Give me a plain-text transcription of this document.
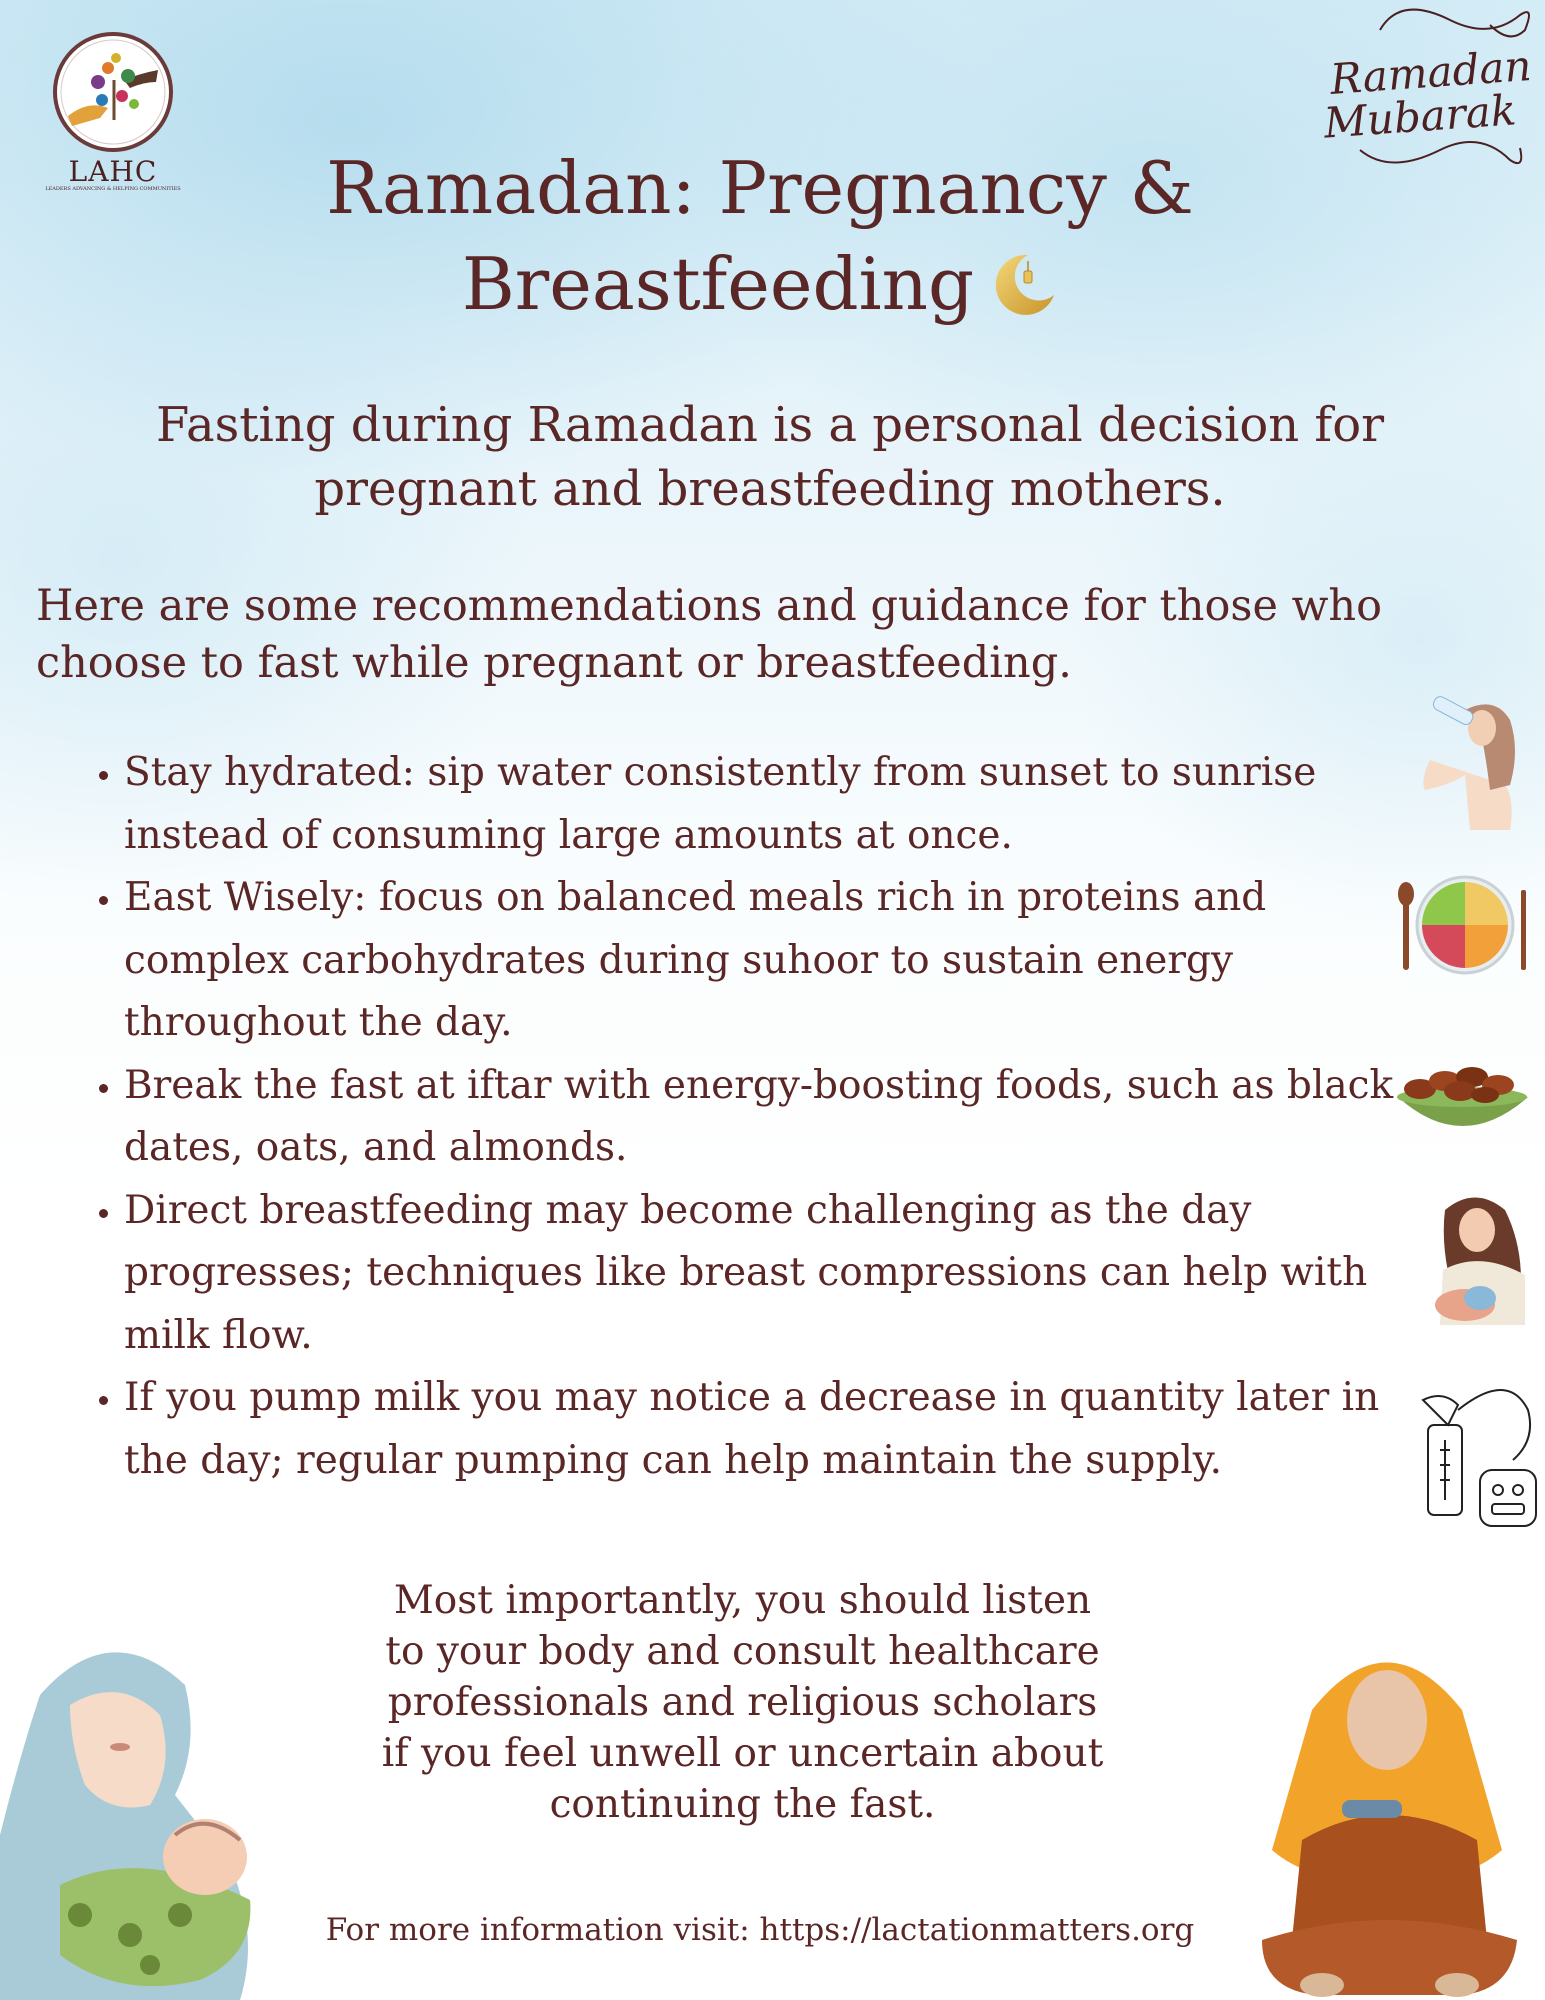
LAHC
LEADERS ADVANCING & HELPING COMMUNITIES
Ramadan
Mubarak
Ramadan: Pregnancy &
Breastfeeding
Fasting during Ramadan is a personal decision for pregnant and breastfeeding mothers.
Here are some recommendations and guidance for those who choose to fast while pregnant or breastfeeding.
• Stay hydrated: sip water consistently from sunset to sunrise instead of consuming large amounts at once.
• East Wisely: focus on balanced meals rich in proteins and complex carbohydrates during suhoor to sustain energy throughout the day.
• Break the fast at iftar with energy-boosting foods, such as black dates, oats, and almonds.
• Direct breastfeeding may become challenging as the day progresses; techniques like breast compressions can help with milk flow.
• If you pump milk you may notice a decrease in quantity later in the day; regular pumping can help maintain the supply.
Most importantly, you should listen to your body and consult healthcare professionals and religious scholars if you feel unwell or uncertain about continuing the fast.
For more information visit: https://lactationmatters.org
